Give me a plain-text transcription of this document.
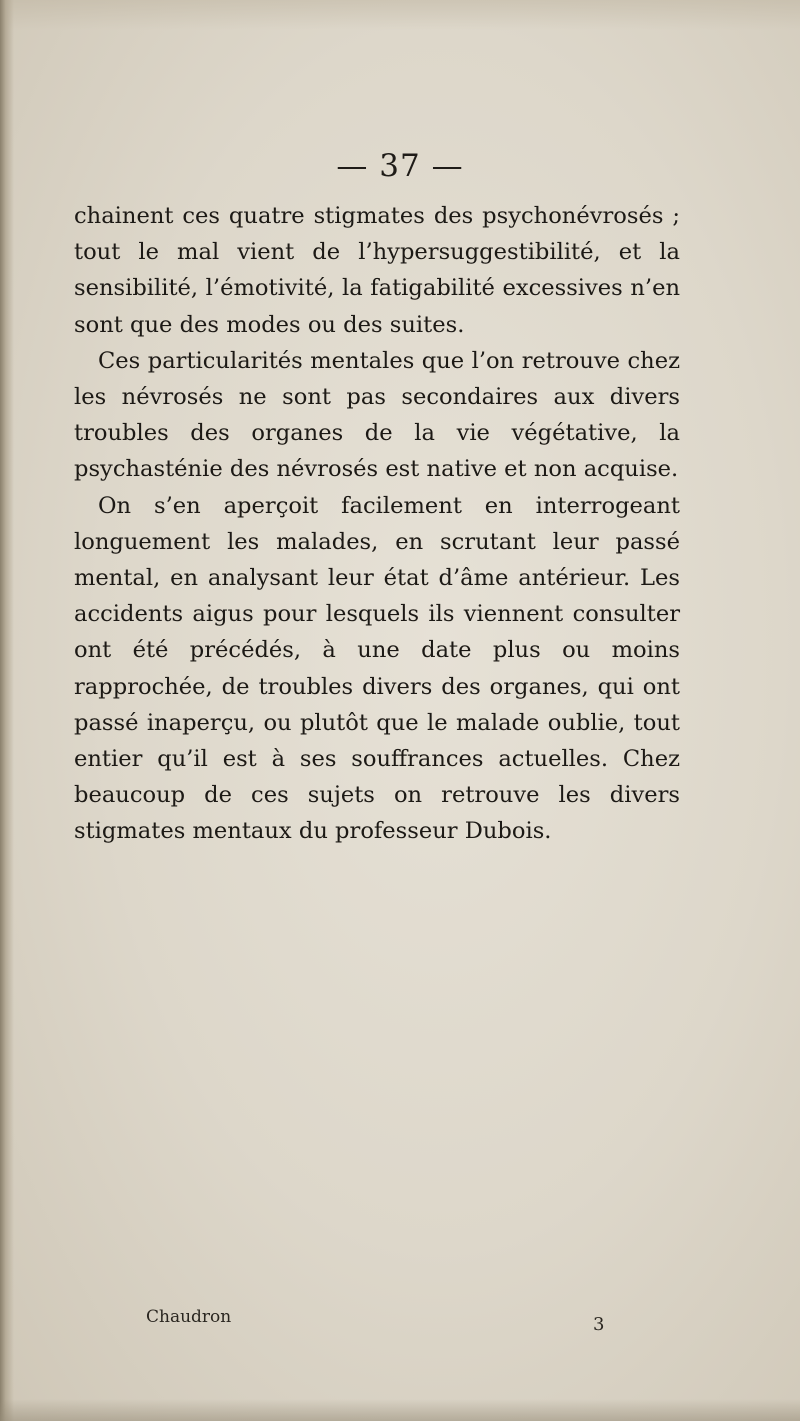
— 37 —

chainent ces quatre stigmates des psychonévrosés ; tout le mal vient de l’hypersuggestibilité, et la sensibilité, l’émotivité, la fatigabilité excessives n’en sont que des modes ou des suites.

Ces particularités mentales que l’on retrouve chez les névrosés ne sont pas secondaires aux divers troubles des organes de la vie végétative, la psychasténie des névrosés est native et non acquise.

On s’en aperçoit facilement en interrogeant longuement les malades, en scrutant leur passé mental, en analysant leur état d’âme antérieur. Les accidents aigus pour lesquels ils viennent consulter ont été précédés, à une date plus ou moins rapprochée, de troubles divers des organes, qui ont passé inaperçu, ou plutôt que le malade oublie, tout entier qu’il est à ses souffrances actuelles. Chez beaucoup de ces sujets on retrouve les divers stigmates mentaux du professeur Dubois.

Chaudron	3
